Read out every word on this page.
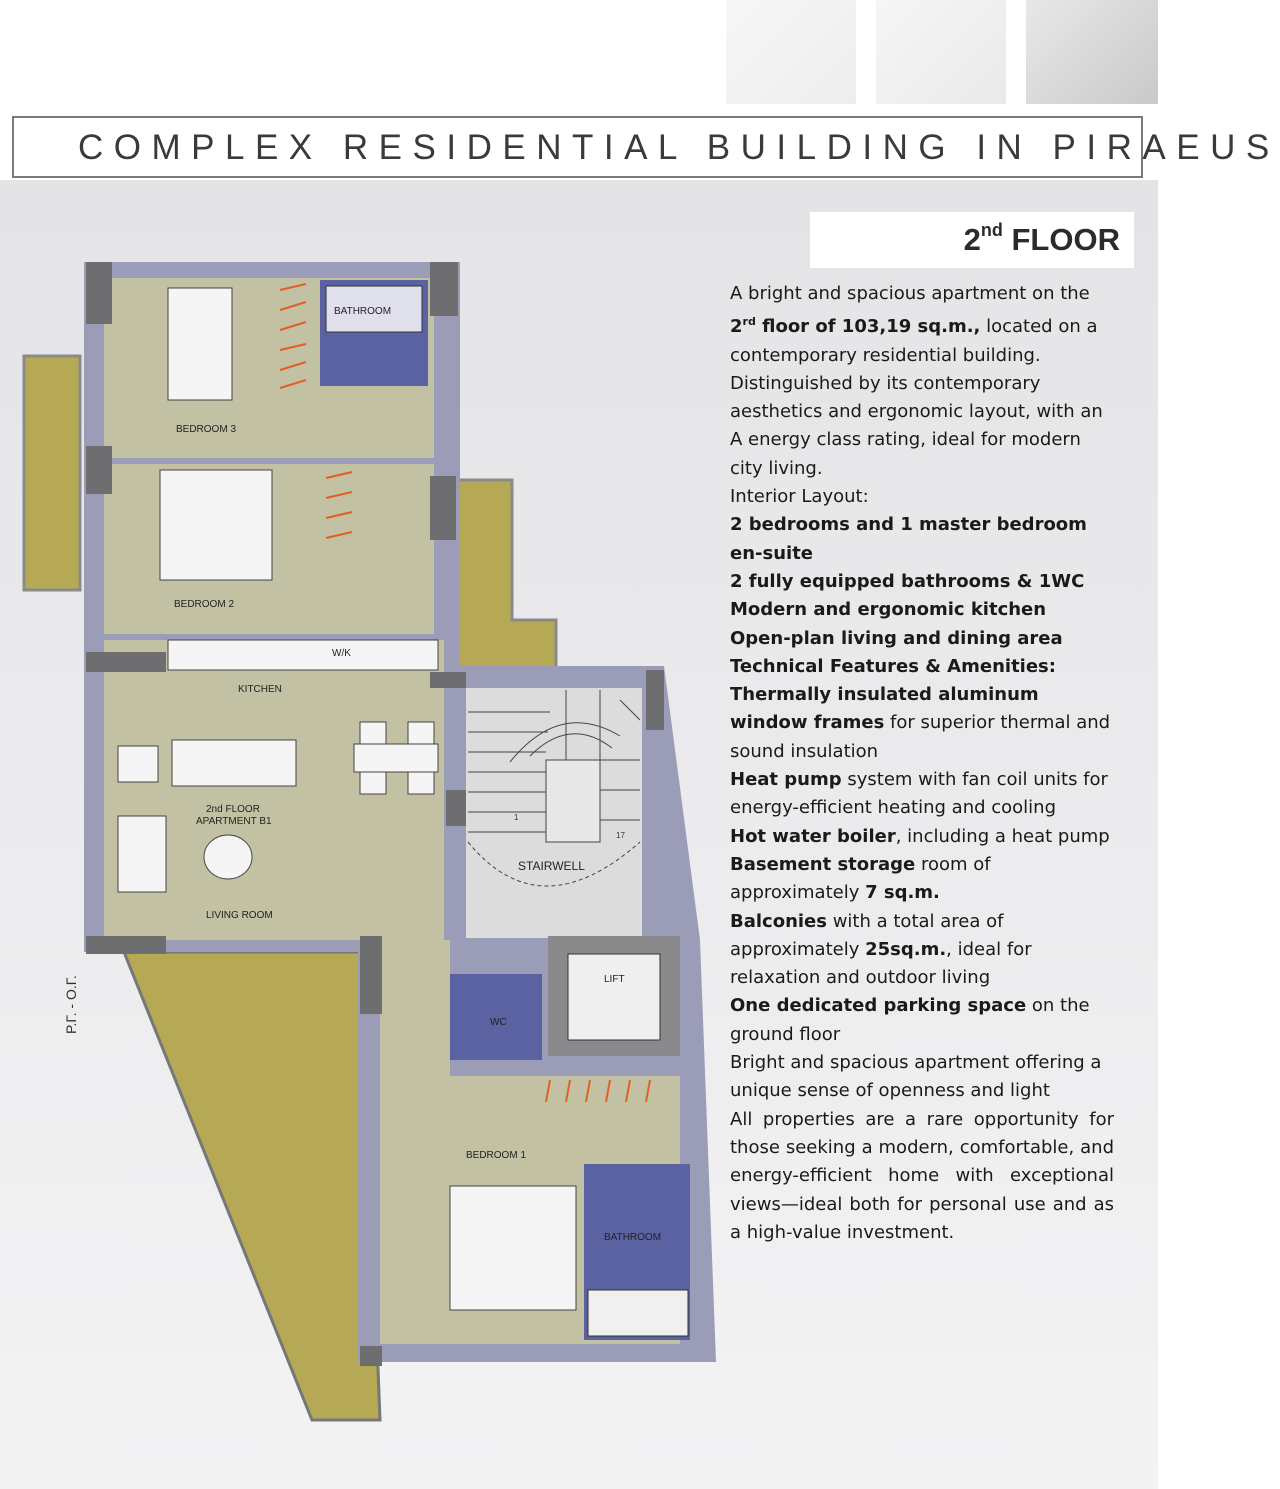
COMPLEX RESIDENTIAL BUILDING IN PIRAEUS
2nd FLOOR

A bright and spacious apartment on the 2rd floor of 103,19 sq.m., located on a contemporary residential building. Distinguished by its contemporary aesthetics and ergonomic layout, with an A energy class rating, ideal for modern city living.

Interior Layout:

2 bedrooms and 1 master bedroom en-suite

2 fully equipped bathrooms & 1WC

Modern and ergonomic kitchen

Open-plan living and dining area

Technical Features & Amenities:

Thermally insulated aluminum window frames for superior thermal and sound insulation

Heat pump system with fan coil units for energy-efficient heating and cooling

Hot water boiler, including a heat pump

Basement storage room of approximately 7 sq.m.

Balconies with a total area of approximately 25sq.m., ideal for relaxation and outdoor living

One dedicated parking space on the ground floor

Bright and spacious apartment offering a unique sense of openness and light

All properties are a rare opportunity for those seeking a modern, comfortable, and energy-efficient home with exceptional views—ideal both for personal use and as a high-value investment.

1
17
BATHROOM
BEDROOM 3
BEDROOM 2
W/K
KITCHEN
2nd FLOOR
APARTMENT B1
LIVING ROOM
STAIRWELL
LIFT
WC
BEDROOM 1
BATHROOM
Ρ.Γ. - Ο.Γ.
